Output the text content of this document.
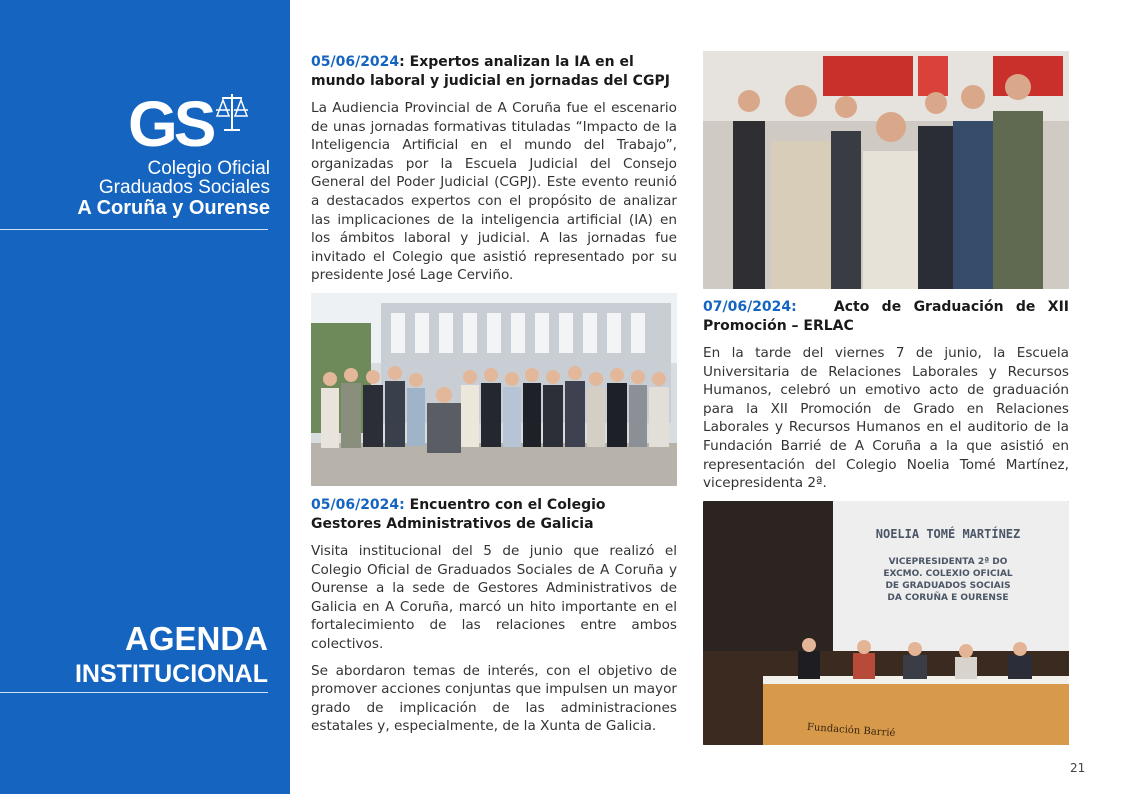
GS
Colegio Oficial
Graduados Sociales
A Coruña y Ourense
AGENDA
INSTITUCIONAL
05/06/2024: Expertos analizan la IA en el mundo laboral y judicial en jornadas del CGPJ

La Audiencia Provincial de A Coruña fue el escenario de unas jornadas formativas tituladas “Impacto de la Inteligencia Artificial en el mundo del Trabajo”, organizadas por la Escuela Judicial del Consejo General del Poder Judicial (CGPJ). Este evento reunió a destacados expertos con el propósito de analizar las implicaciones de la inteligencia artificial (IA) en los ámbitos laboral y judicial. A las jornadas fue invitado el Colegio que asistió representado por su presidente José Lage Cerviño.

05/06/2024: Encuentro con el Colegio Gestores Administrativos de Galicia

Visita institucional del 5 de junio que realizó el Colegio Oficial de Graduados Sociales de A Coruña y Ourense a la sede de Gestores Administrativos de Galicia en A Coruña, marcó un hito importante en el fortalecimiento de las relaciones entre ambos colectivos.

Se abordaron temas de interés, con el objetivo de promover acciones conjuntas que impulsen un mayor grado de implicación de las administraciones estatales y, especialmente, de la Xunta de Galicia.

07/06/2024:	Acto de Graduación de XII Promoción – ERLAC

En la tarde del viernes 7 de junio, la Escuela Universitaria de Relaciones Laborales y Recursos Humanos, celebró un emotivo acto de graduación para la XII Promoción de Grado en Relaciones Laborales y Recursos Humanos en el auditorio de la Fundación Barrié de A Coruña a la que asistió en representación del Colegio Noelia Tomé Martínez, vicepresidenta 2ª.

NOELIA TOMÉ MARTÍNEZ
VICEPRESIDENTA 2ª DO
EXCMO. COLEXIO OFICIAL
DE GRADUADOS SOCIAIS
DA CORUÑA E OURENSE
Fundación Barrié
21
